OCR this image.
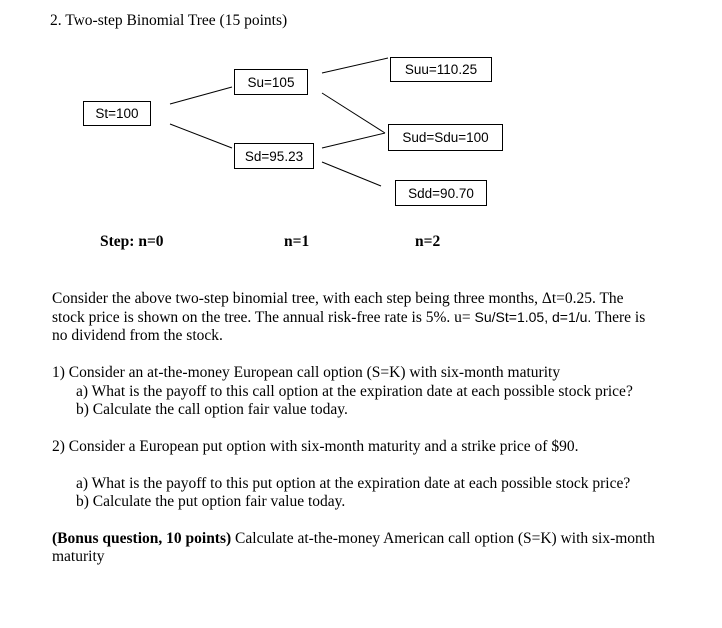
2. Two-step Binomial Tree (15 points)
St=100
Su=105
Sd=95.23
Suu=110.25
Sud=Sdu=100
Sdd=90.70
Step: n=0	n=1	n=2
Consider the above two-step binomial tree, with each step being three months, Δt=0.25. The
stock price is shown on the tree. The annual risk-free rate is 5%. u= Su/St=1.05, d=1/u. There is
no dividend from the stock.
1) Consider an at-the-money European call option (S=K) with six-month maturity
a) What is the payoff to this call option at the expiration date at each possible stock price?
b) Calculate the call option fair value today.
2) Consider a European put option with six-month maturity and a strike price of $90.
a) What is the payoff to this put option at the expiration date at each possible stock price?
b) Calculate the put option fair value today.
(Bonus question, 10 points) Calculate at-the-money American call option (S=K) with six-month
maturity
